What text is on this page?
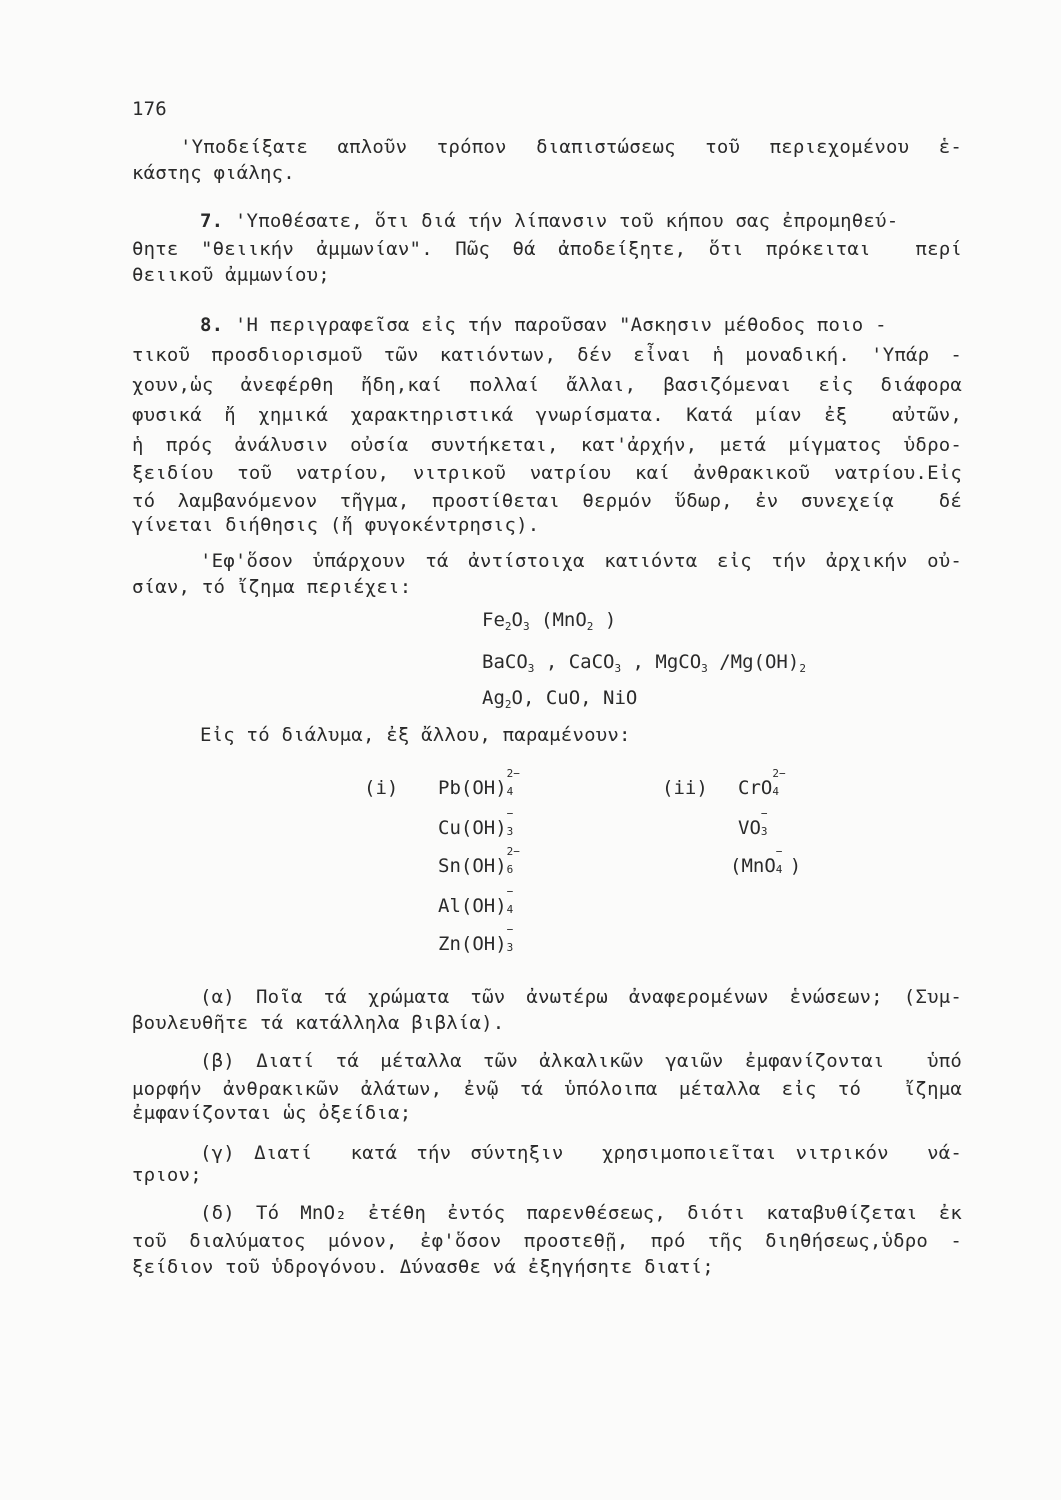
176
'Υποδείξατε απλοῦν τρόπον διαπιστώσεως τοῦ περιεχομένου ἑ-
κάστης φιάλης.
7. 'Υποθέσατε, ὅτι διά τήν λίπανσιν τοῦ κήπου σας ἐπρομηθεύ-
θητε "θειικήν ἀμμωνίαν". Πῶς θά ἀποδείξητε, ὅτι πρόκειται  περί
θειικοῦ ἀμμωνίου;
8. 'Η περιγραφεῖσα εἰς τήν παροῦσαν "Ασκησιν μέθοδος ποιο -
τικοῦ προσδιορισμοῦ τῶν κατιόντων, δέν εἶναι ἡ μοναδική. 'Υπάρ -
χουν,ὡς ἀνεφέρθη ἤδη,καί πολλαί ἄλλαι, βασιζόμεναι εἰς διάφορα
φυσικά ἤ χημικά χαρακτηριστικά γνωρίσματα. Κατά μίαν ἐξ  αὐτῶν,
ἡ πρός ἀνάλυσιν οὐσία συντήκεται, κατ'ἀρχήν, μετά μίγματος ὑδρο-
ξειδίου τοῦ νατρίου, νιτρικοῦ νατρίου καί ἀνθρακικοῦ νατρίου.Εἰς
τό λαμβανόμενον τῆγμα, προστίθεται θερμόν ὕδωρ, ἐν συνεχείᾳ  δέ
γίνεται διήθησις (ἤ φυγοκέντρησις).
'Εφ'ὅσον ὑπάρχουν τά ἀντίστοιχα κατιόντα εἰς τήν ἀρχικήν οὐ-
σίαν, τό ἴζημα περιέχει:
$Fe_2O_3$ (MnO$_2$ )
BaCO$_3$ , CaCO$_3$ , MgCO$_3$ $/Mg(OH)_2$
$Ag_2O$, CuO, NiO
Εἰς τό διάλυμα, ἐξ ἄλλου, παραμένουν:
(i)	(ii)
Pb(OH)
2−
4
Cu(OH)
−
3
Sn(OH)
2−
6
Al(OH)
−
4
Zn(OH)
−
3
CrO
2−
4
VO
−
3
(MnO
−
4 )
(α) Ποῖα τά χρώματα τῶν ἀνωτέρω ἀναφερομένων ἑνώσεων; (Συμ-
βουλευθῆτε τά κατάλληλα βιβλία).
(β) Διατί τά μέταλλα τῶν ἀλκαλικῶν γαιῶν ἐμφανίζονται  ὑπό
μορφήν ἀνθρακικῶν ἀλάτων, ἐνῷ τά ὑπόλοιπα μέταλλα εἰς τό  ἴζημα
ἐμφανίζονται ὡς ὀξείδια;
(γ) Διατί  κατά τήν σύντηξιν  χρησιμοποιεῖται νιτρικόν  νά-
τριον;
(δ) Τό MnO₂ ἐτέθη ἐντός παρενθέσεως, διότι καταβυθίζεται ἐκ
τοῦ διαλύματος μόνον, ἐφ'ὅσον προστεθῇ, πρό τῆς διηθήσεως,ὑδρο -
ξείδιον τοῦ ὑδρογόνου. Δύνασθε νά ἐξηγήσητε διατί;
